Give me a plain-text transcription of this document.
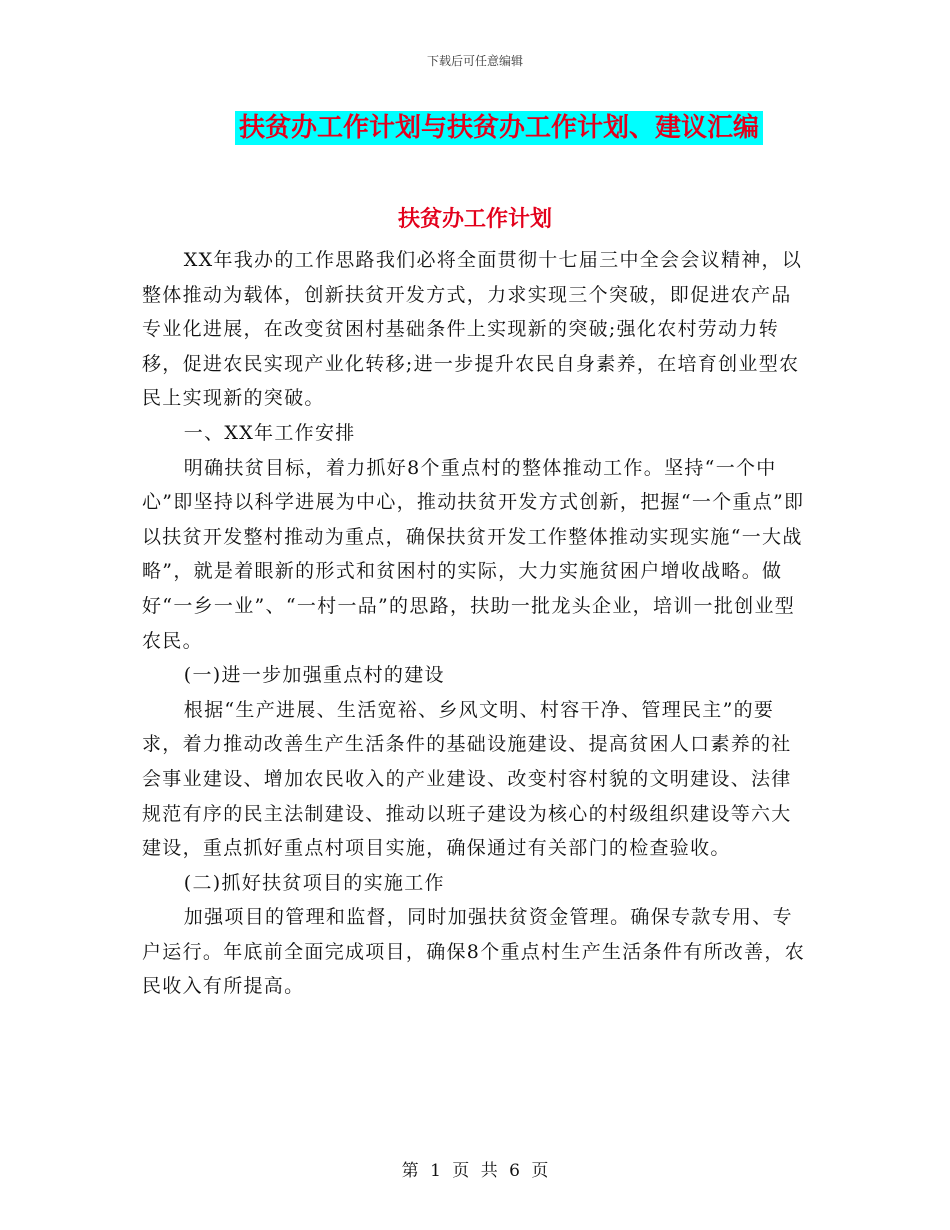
下载后可任意编辑
扶贫办工作计划与扶贫办工作计划、建议汇编
扶贫办工作计划

XX年我办的工作思路我们必将全面贯彻十七届三中全会会议精神，以整体推动为载体，创新扶贫开发方式，力求实现三个突破，即促进农产品专业化进展，在改变贫困村基础条件上实现新的突破;强化农村劳动力转移，促进农民实现产业化转移;进一步提升农民自身素养，在培育创业型农民上实现新的突破。

一、XX年工作安排

明确扶贫目标，着力抓好8个重点村的整体推动工作。坚持“一个中心”即坚持以科学进展为中心，推动扶贫开发方式创新，把握“一个重点”即以扶贫开发整村推动为重点，确保扶贫开发工作整体推动实现实施“一大战略”，就是着眼新的形式和贫困村的实际，大力实施贫困户增收战略。做好“一乡一业”、“一村一品”的思路，扶助一批龙头企业，培训一批创业型农民。

(一)进一步加强重点村的建设

根据“生产进展、生活宽裕、乡风文明、村容干净、管理民主”的要求，着力推动改善生产生活条件的基础设施建设、提高贫困人口素养的社会事业建设、增加农民收入的产业建设、改变村容村貌的文明建设、法律规范有序的民主法制建设、推动以班子建设为核心的村级组织建设等六大建设，重点抓好重点村项目实施，确保通过有关部门的检查验收。

(二)抓好扶贫项目的实施工作

加强项目的管理和监督，同时加强扶贫资金管理。确保专款专用、专户运行。年底前全面完成项目，确保8个重点村生产生活条件有所改善，农民收入有所提高。

第 1 页 共 6 页
